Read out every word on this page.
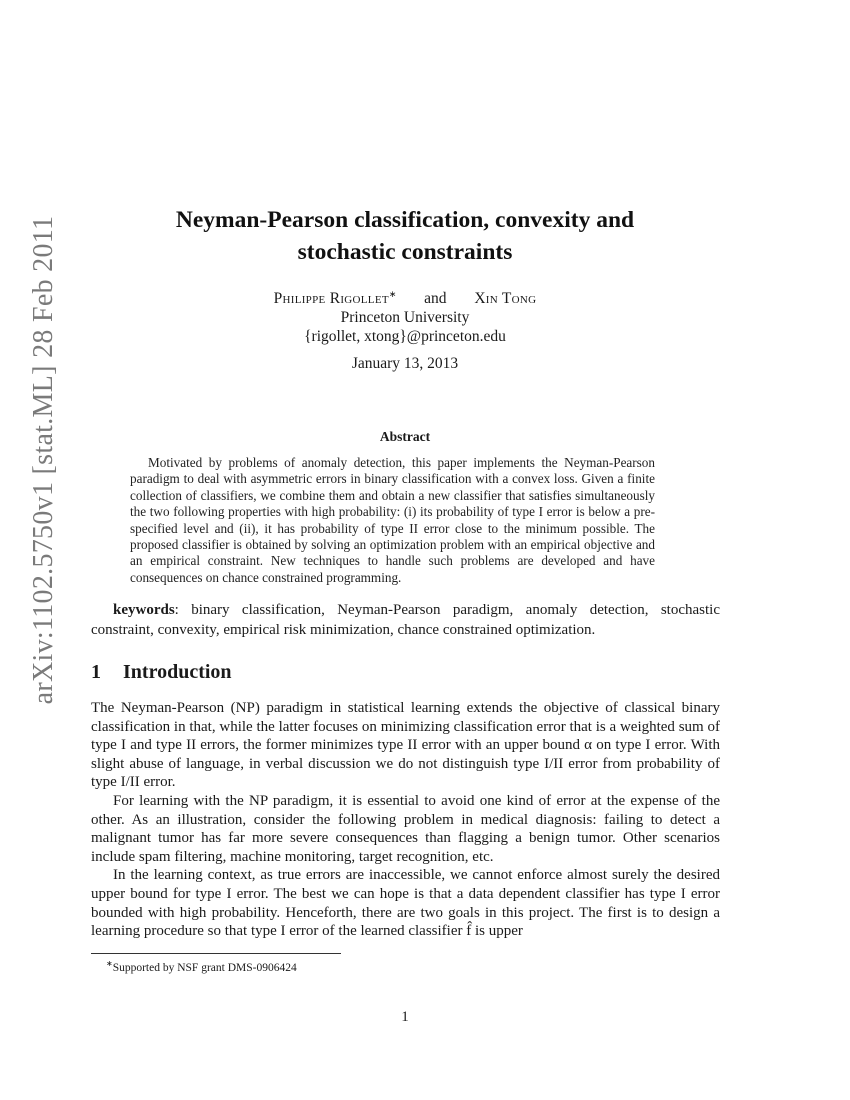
arXiv:1102.5750v1 [stat.ML] 28 Feb 2011	Neyman-Pearson classification, convexity and
stochastic constraints
Philippe Rigollet∗ and Xin Tong
Princeton University
{rigollet, xtong}@princeton.edu
January 13, 2013
Abstract
Motivated by problems of anomaly detection, this paper implements the Neyman-Pearson paradigm to deal with asymmetric errors in binary classification with a convex loss. Given a finite collection of classifiers, we combine them and obtain a new classifier that satisfies simultaneously the two following properties with high probability: (i) its probability of type I error is below a pre-specified level and (ii), it has probability of type II error close to the minimum possible. The proposed classifier is obtained by solving an optimization problem with an empirical objective and an empirical constraint. New techniques to handle such problems are developed and have consequences on chance constrained programming.
keywords: binary classification, Neyman-Pearson paradigm, anomaly detection, stochastic constraint, convexity, empirical risk minimization, chance constrained optimization.
1 Introduction

The Neyman-Pearson (NP) paradigm in statistical learning extends the objective of classical binary classification in that, while the latter focuses on minimizing classification error that is a weighted sum of type I and type II errors, the former minimizes type II error with an upper bound α on type I error. With slight abuse of language, in verbal discussion we do not distinguish type I/II error from probability of type I/II error.

For learning with the NP paradigm, it is essential to avoid one kind of error at the expense of the other. As an illustration, consider the following problem in medical diagnosis: failing to detect a malignant tumor has far more severe consequences than flagging a benign tumor. Other scenarios include spam filtering, machine monitoring, target recognition, etc.

In the learning context, as true errors are inaccessible, we cannot enforce almost surely the desired upper bound for type I error. The best we can hope is that a data dependent classifier has type I error bounded with high probability. Henceforth, there are two goals in this project. The first is to design a learning procedure so that type I error of the learned classifier f̂ is upper

∗Supported by NSF grant DMS-0906424
1
